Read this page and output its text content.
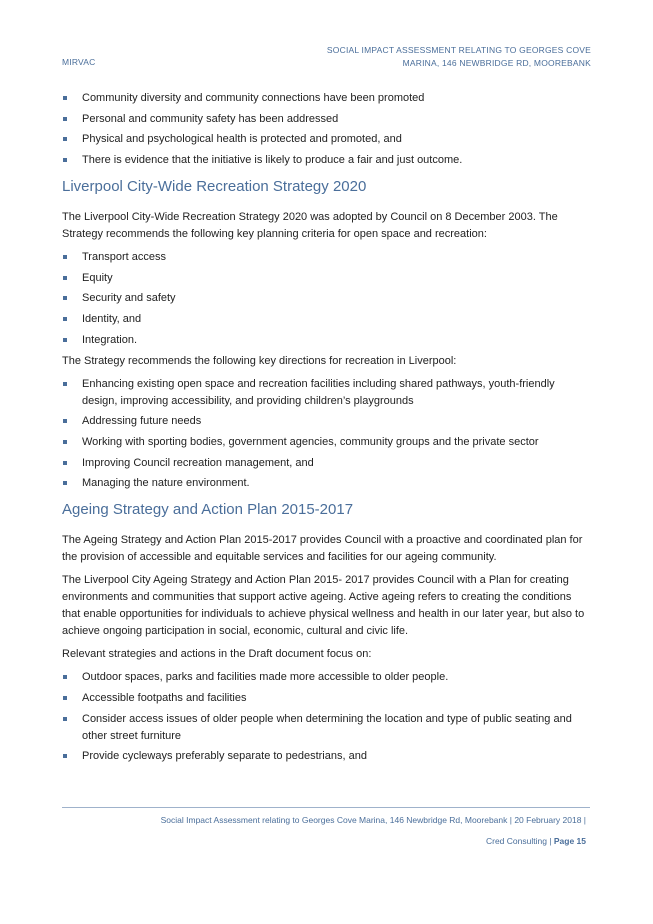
MIRVAC
SOCIAL IMPACT ASSESSMENT RELATING TO GEORGES COVE
MARINA, 146 NEWBRIDGE RD, MOOREBANK
Community diversity and community connections have been promoted
Personal and community safety has been addressed
Physical and psychological health is protected and promoted, and
There is evidence that the initiative is likely to produce a fair and just outcome.
Liverpool City-Wide Recreation Strategy 2020

The Liverpool City-Wide Recreation Strategy 2020 was adopted by Council on 8 December 2003. The Strategy recommends the following key planning criteria for open space and recreation:

Transport access
Equity
Security and safety
Identity, and
Integration.

The Strategy recommends the following key directions for recreation in Liverpool:

Enhancing existing open space and recreation facilities including shared pathways, youth-friendly design, improving accessibility, and providing children’s playgrounds
Addressing future needs
Working with sporting bodies, government agencies, community groups and the private sector
Improving Council recreation management, and
Managing the nature environment.
Ageing Strategy and Action Plan 2015-2017

The Ageing Strategy and Action Plan 2015-2017 provides Council with a proactive and coordinated plan for the provision of accessible and equitable services and facilities for our ageing community.

The Liverpool City Ageing Strategy and Action Plan 2015- 2017 provides Council with a Plan for creating environments and communities that support active ageing. Active ageing refers to creating the conditions that enable opportunities for individuals to achieve physical wellness and health in our later year, but also to achieve ongoing participation in social, economic, cultural and civic life.

Relevant strategies and actions in the Draft document focus on:

Outdoor spaces, parks and facilities made more accessible to older people.
Accessible footpaths and facilities
Consider access issues of older people when determining the location and type of public seating and other street furniture
Provide cycleways preferably separate to pedestrians, and
Social Impact Assessment relating to Georges Cove Marina, 146 Newbridge Rd, Moorebank | 20 February 2018 |
Cred Consulting | Page 15
